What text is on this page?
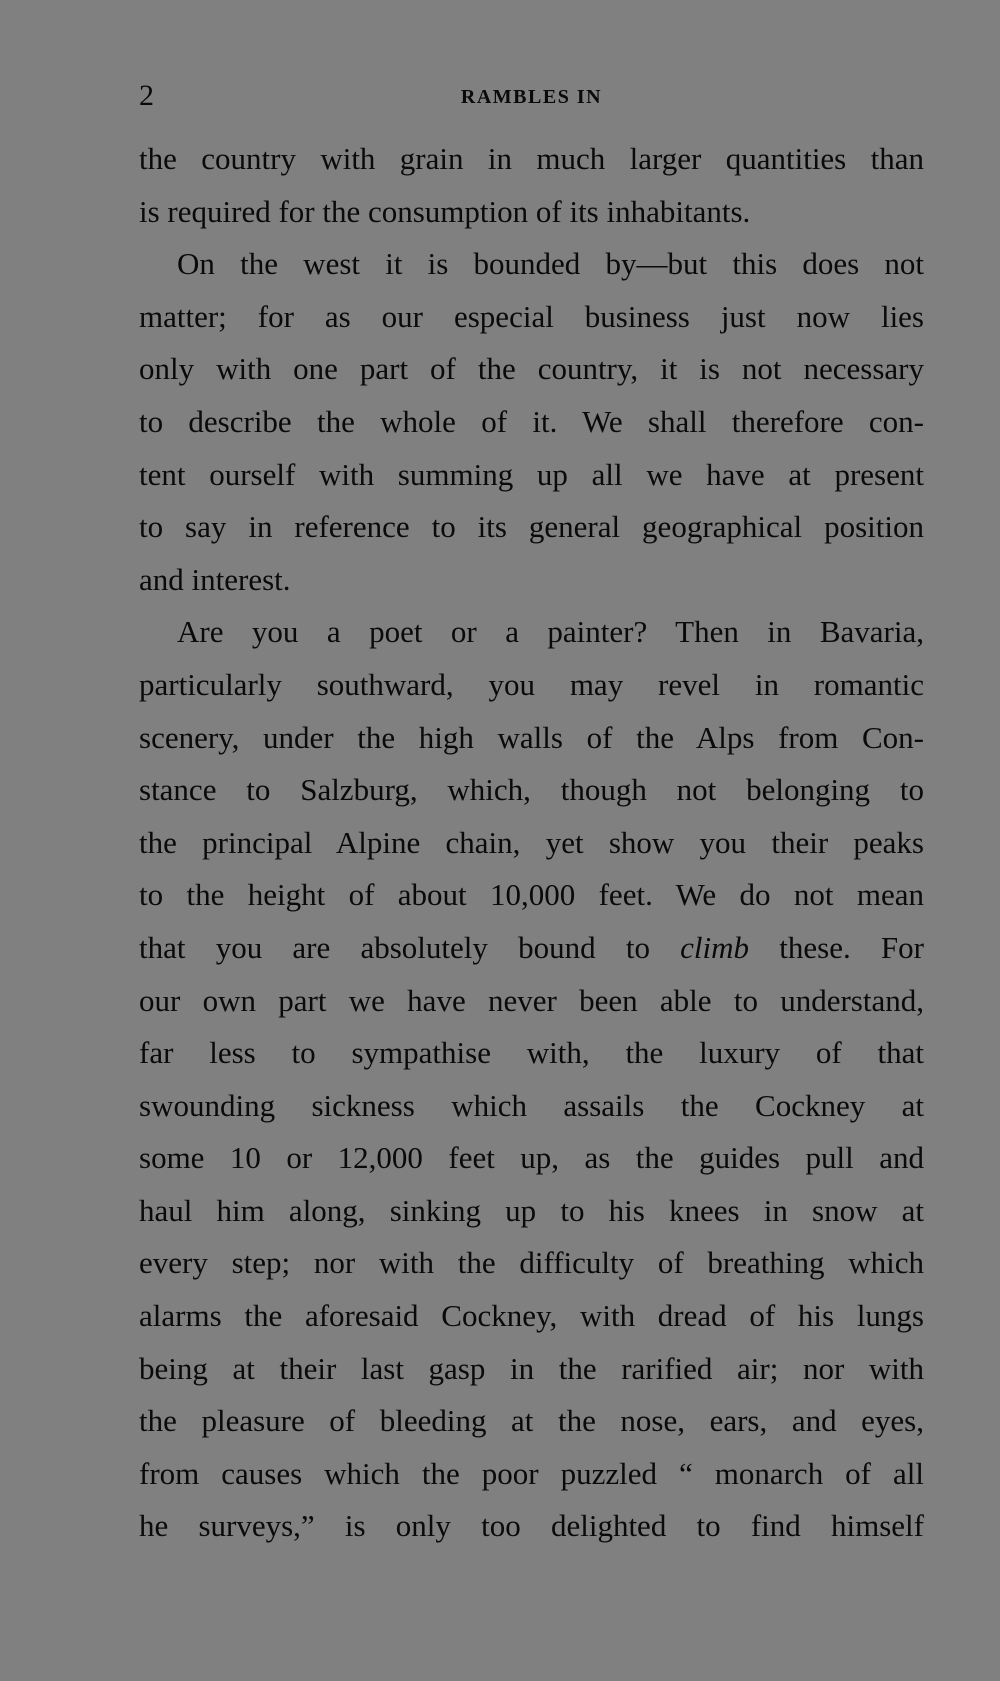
2	RAMBLES IN

the country with grain in much larger quantities than
is required for the consumption of its inhabitants.

On the west it is bounded by—but this does not
matter; for as our especial business just now lies
only with one part of the country, it is not necessary
to describe the whole of it. We shall therefore con-
tent ourself with summing up all we have at present
to say in reference to its general geographical position
and interest.

Are you a poet or a painter? Then in Bavaria,
particularly southward, you may revel in romantic
scenery, under the high walls of the Alps from Con-
stance to Salzburg, which, though not belonging to
the principal Alpine chain, yet show you their peaks
to the height of about 10,000 feet. We do not mean
that you are absolutely bound to climb these. For
our own part we have never been able to understand,
far less to sympathise with, the luxury of that
swounding sickness which assails the Cockney at
some 10 or 12,000 feet up, as the guides pull and
haul him along, sinking up to his knees in snow at
every step; nor with the difficulty of breathing which
alarms the aforesaid Cockney, with dread of his lungs
being at their last gasp in the rarified air; nor with
the pleasure of bleeding at the nose, ears, and eyes,
from causes which the poor puzzled “ monarch of all
he surveys,” is only too delighted to find himself
